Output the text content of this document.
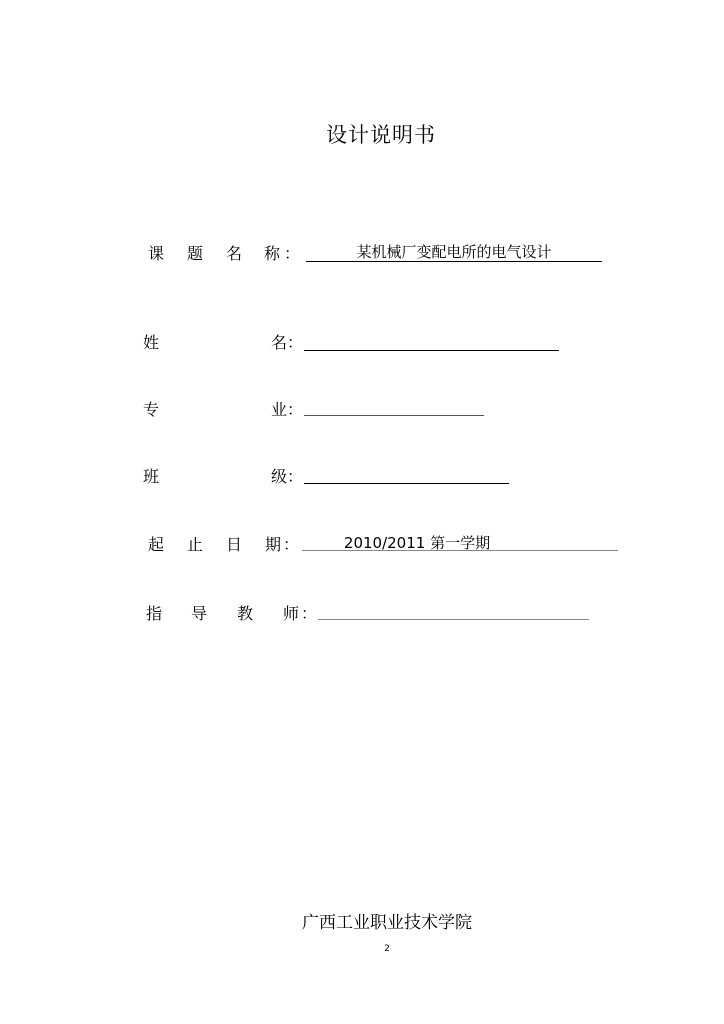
设计说明书
课 题 名 称 ：	某机械厂变配电所的电气设计
姓	名 ：
专	业 ：
班	级 ：
起 止 日 期 ：	2010/2011 第一学期
指 导 教 师 ：
广西工业职业技术学院
2
